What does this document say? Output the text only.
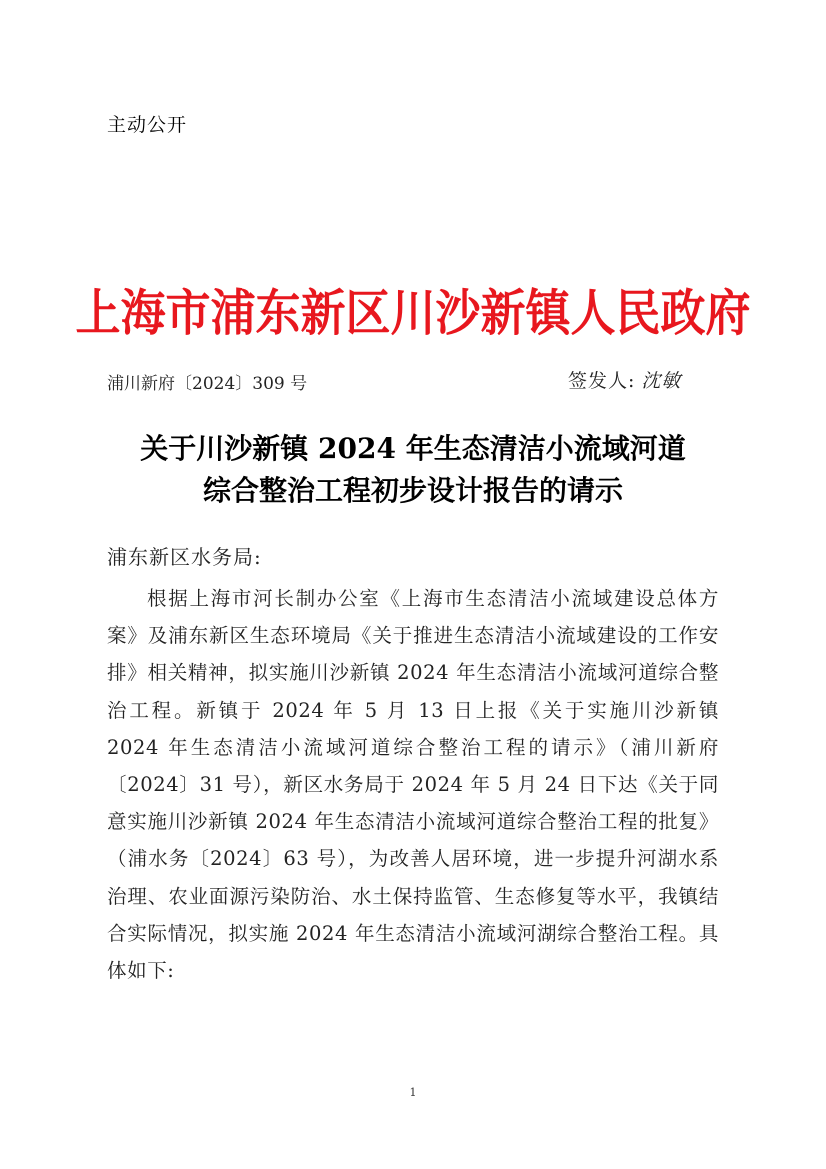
主动公开
上海市浦东新区川沙新镇人民政府
浦川新府〔2024〕309 号	签发人: 沈敏
关于川沙新镇 2024 年生态清洁小流域河道
综合整治工程初步设计报告的请示
浦东新区水务局:
根据上海市河长制办公室《上海市生态清洁小流域建设总体方案》及浦东新区生态环境局《关于推进生态清洁小流域建设的工作安排》相关精神，拟实施川沙新镇 2024 年生态清洁小流域河道综合整治工程。新镇于 2024 年 5 月 13 日上报《关于实施川沙新镇 2024 年生态清洁小流域河道综合整治工程的请示》（浦川新府〔2024〕31 号），新区水务局于 2024 年 5 月 24 日下达《关于同意实施川沙新镇 2024 年生态清洁小流域河道综合整治工程的批复》（浦水务〔2024〕63 号），为改善人居环境，进一步提升河湖水系治理、农业面源污染防治、水土保持监管、生态修复等水平，我镇结合实际情况，拟实施 2024 年生态清洁小流域河湖综合整治工程。具体如下:
1
